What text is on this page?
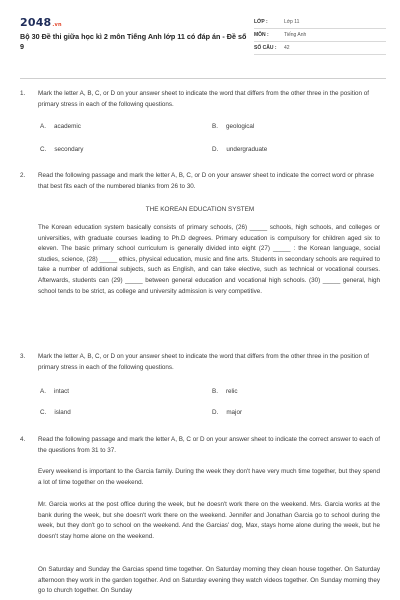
2048.vn
Bộ 30 Đề thi giữa học kì 2 môn Tiếng Anh lớp 11 có đáp án - Đề số 9
LỚP :	Lớp 11
MÔN :	Tiếng Anh
SỐ CÂU :	42
1. Mark the letter A, B, C, or D on your answer sheet to indicate the word that differs from the other three in the position of primary stress in each of the following questions.
A. academic	B. geological
C. secondary	D. undergraduate
2. Read the following passage and mark the letter A, B, C, or D on your answer sheet to indicate the correct word or phrase that best fits each of the numbered blanks from 26 to 30.
THE KOREAN EDUCATION SYSTEM
The Korean education system basically consists of primary schools, (26) _____ schools, high schools, and colleges or universities, with graduate courses leading to Ph.D degrees. Primary education is compulsory for children aged six to eleven. The basic primary school curriculum is generally divided into eight (27) _____ : the Korean language, social studies, science, (28) _____ ethics, physical education, music and fine arts. Students in secondary schools are required to take a number of additional subjects, such as English, and can take elective, such as technical or vocational courses. Afterwards, students can (29) _____ between general education and vocational high schools. (30) _____ general, high school tends to be strict, as college and university admission is very competitive.
3. Mark the letter A, B, C, or D on your answer sheet to indicate the word that differs from the other three in the position of primary stress in each of the following questions.
A. intact	B. relic
C. island	D. major
4. Read the following passage and mark the letter A, B, C or D on your answer sheet to indicate the correct answer to each of the questions from 31 to 37.
Every weekend is important to the Garcia family. During the week they don't have very much time together, but they spend a lot of time together on the weekend.
Mr. Garcia works at the post office during the week, but he doesn't work there on the weekend. Mrs. Garcia works at the bank during the week, but she doesn't work there on the weekend. Jennifer and Jonathan Garcia go to school during the week, but they don't go to school on the weekend. And the Garcias' dog, Max, stays home alone during the week, but he doesn't stay home alone on the weekend.
On Saturday and Sunday the Garcias spend time together. On Saturday morning they clean house together. On Saturday afternoon they work in the garden together. And on Saturday evening they watch videos together. On Sunday morning they go to church together. On Sunday
